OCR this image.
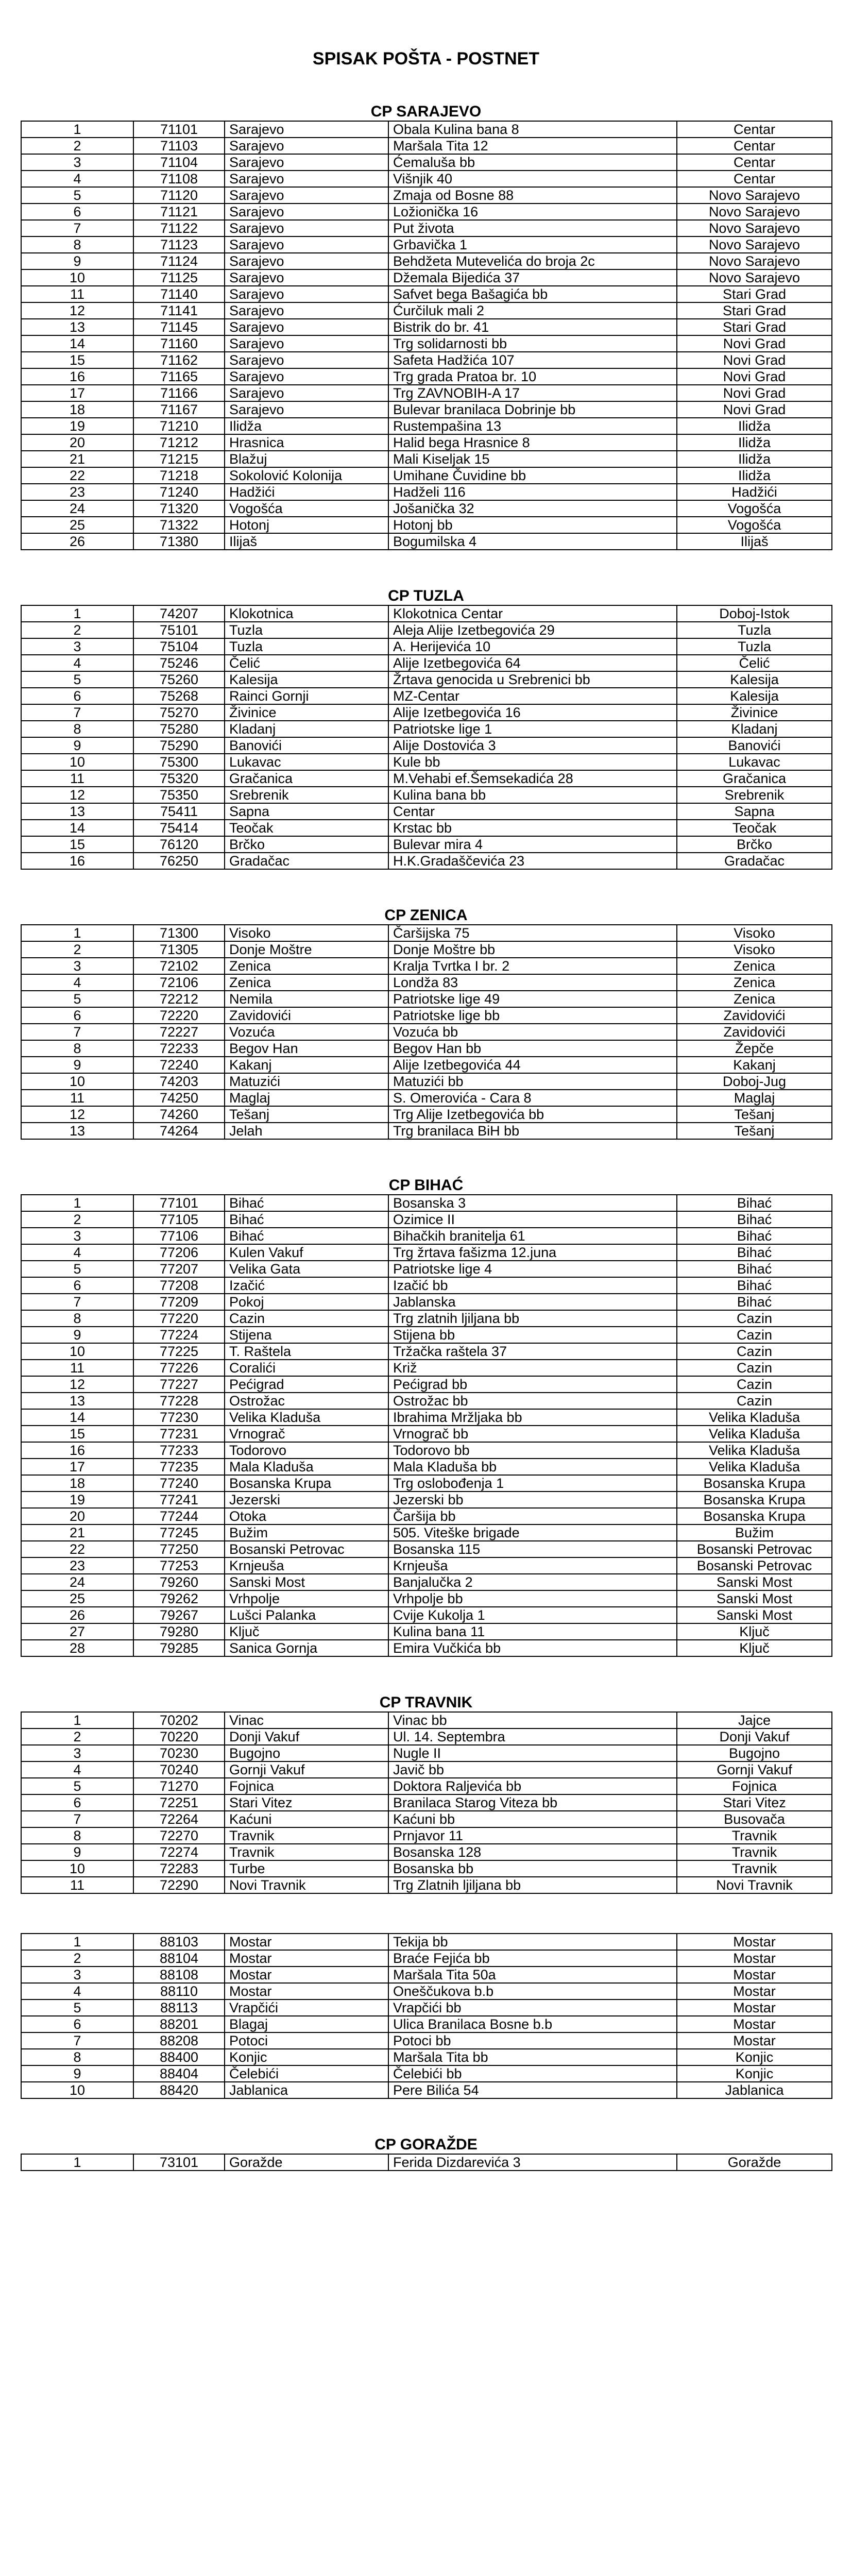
SPISAK POŠTA - POSTNET
CP SARAJEVO
1	71101	Sarajevo	Obala Kulina bana 8	Centar
2	71103	Sarajevo	Maršala Tita 12	Centar
3	71104	Sarajevo	Ćemaluša bb	Centar
4	71108	Sarajevo	Višnjik 40	Centar
5	71120	Sarajevo	Zmaja od Bosne 88	Novo Sarajevo
6	71121	Sarajevo	Ložionička 16	Novo Sarajevo
7	71122	Sarajevo	Put života	Novo Sarajevo
8	71123	Sarajevo	Grbavička 1	Novo Sarajevo
9	71124	Sarajevo	Behdžeta Mutevelića do broja 2c	Novo Sarajevo
10	71125	Sarajevo	Džemala Bijedića 37	Novo Sarajevo
11	71140	Sarajevo	Safvet bega Bašagića bb	Stari Grad
12	71141	Sarajevo	Ćurčiluk mali 2	Stari Grad
13	71145	Sarajevo	Bistrik do br. 41	Stari Grad
14	71160	Sarajevo	Trg solidarnosti bb	Novi Grad
15	71162	Sarajevo	Safeta Hadžića 107	Novi Grad
16	71165	Sarajevo	Trg grada Pratoa br. 10	Novi Grad
17	71166	Sarajevo	Trg ZAVNOBIH-A 17	Novi Grad
18	71167	Sarajevo	Bulevar branilaca Dobrinje bb	Novi Grad
19	71210	Ilidža	Rustempašina 13	Ilidža
20	71212	Hrasnica	Halid bega Hrasnice 8	Ilidža
21	71215	Blažuj	Mali Kiseljak 15	Ilidža
22	71218	Sokolović Kolonija	Umihane Čuvidine bb	Ilidža
23	71240	Hadžići	Hadželi 116	Hadžići
24	71320	Vogošća	Jošanička 32	Vogošća
25	71322	Hotonj	Hotonj bb	Vogošća
26	71380	Ilijaš	Bogumilska 4	Ilijaš
CP TUZLA
1	74207	Klokotnica	Klokotnica Centar	Doboj-Istok
2	75101	Tuzla	Aleja Alije Izetbegovića 29	Tuzla
3	75104	Tuzla	A. Herijevića 10	Tuzla
4	75246	Čelić	Alije Izetbegovića 64	Čelić
5	75260	Kalesija	Žrtava genocida u Srebrenici bb	Kalesija
6	75268	Rainci Gornji	MZ-Centar	Kalesija
7	75270	Živinice	Alije Izetbegovića 16	Živinice
8	75280	Kladanj	Patriotske lige 1	Kladanj
9	75290	Banovići	Alije Dostovića 3	Banovići
10	75300	Lukavac	Kule bb	Lukavac
11	75320	Gračanica	M.Vehabi ef.Šemsekadića 28	Gračanica
12	75350	Srebrenik	Kulina bana bb	Srebrenik
13	75411	Sapna	Centar	Sapna
14	75414	Teočak	Krstac bb	Teočak
15	76120	Brčko	Bulevar mira 4	Brčko
16	76250	Gradačac	H.K.Gradaščevića 23	Gradačac
CP ZENICA
1	71300	Visoko	Čaršijska 75	Visoko
2	71305	Donje Moštre	Donje Moštre bb	Visoko
3	72102	Zenica	Kralja Tvrtka I br. 2	Zenica
4	72106	Zenica	Londža 83	Zenica
5	72212	Nemila	Patriotske lige 49	Zenica
6	72220	Zavidovići	Patriotske lige bb	Zavidovići
7	72227	Vozuća	Vozuća bb	Zavidovići
8	72233	Begov Han	Begov Han bb	Žepče
9	72240	Kakanj	Alije Izetbegovića 44	Kakanj
10	74203	Matuzići	Matuzići bb	Doboj-Jug
11	74250	Maglaj	S. Omerovića - Cara 8	Maglaj
12	74260	Tešanj	Trg Alije Izetbegovića bb	Tešanj
13	74264	Jelah	Trg branilaca BiH bb	Tešanj
CP BIHAĆ
1	77101	Bihać	Bosanska 3	Bihać
2	77105	Bihać	Ozimice II	Bihać
3	77106	Bihać	Bihačkih branitelja 61	Bihać
4	77206	Kulen Vakuf	Trg žrtava fašizma 12.juna	Bihać
5	77207	Velika Gata	Patriotske lige 4	Bihać
6	77208	Izačić	Izačić bb	Bihać
7	77209	Pokoj	Jablanska	Bihać
8	77220	Cazin	Trg zlatnih ljiljana bb	Cazin
9	77224	Stijena	Stijena bb	Cazin
10	77225	T. Raštela	Tržačka raštela 37	Cazin
11	77226	Coralići	Križ	Cazin
12	77227	Pećigrad	Pećigrad bb	Cazin
13	77228	Ostrožac	Ostrožac bb	Cazin
14	77230	Velika Kladuša	Ibrahima Mržljaka bb	Velika Kladuša
15	77231	Vrnograč	Vrnograč bb	Velika Kladuša
16	77233	Todorovo	Todorovo bb	Velika Kladuša
17	77235	Mala Kladuša	Mala Kladuša bb	Velika Kladuša
18	77240	Bosanska Krupa	Trg oslobođenja 1	Bosanska Krupa
19	77241	Jezerski	Jezerski bb	Bosanska Krupa
20	77244	Otoka	Čaršija bb	Bosanska Krupa
21	77245	Bužim	505. Viteške brigade	Bužim
22	77250	Bosanski Petrovac	Bosanska 115	Bosanski Petrovac
23	77253	Krnjeuša	Krnjeuša	Bosanski Petrovac
24	79260	Sanski Most	Banjalučka 2	Sanski Most
25	79262	Vrhpolje	Vrhpolje bb	Sanski Most
26	79267	Lušci Palanka	Cvije Kukolja 1	Sanski Most
27	79280	Ključ	Kulina bana 11	Ključ
28	79285	Sanica Gornja	Emira Vučkića bb	Ključ
CP TRAVNIK
1	70202	Vinac	Vinac bb	Jajce
2	70220	Donji Vakuf	Ul. 14. Septembra	Donji Vakuf
3	70230	Bugojno	Nugle II	Bugojno
4	70240	Gornji Vakuf	Javič bb	Gornji Vakuf
5	71270	Fojnica	Doktora Raljevića bb	Fojnica
6	72251	Stari Vitez	Branilaca Starog Viteza bb	Stari Vitez
7	72264	Kaćuni	Kaćuni bb	Busovača
8	72270	Travnik	Prnjavor 11	Travnik
9	72274	Travnik	Bosanska 128	Travnik
10	72283	Turbe	Bosanska bb	Travnik
11	72290	Novi Travnik	Trg Zlatnih ljiljana bb	Novi Travnik
1	88103	Mostar	Tekija bb	Mostar
2	88104	Mostar	Braće Fejića bb	Mostar
3	88108	Mostar	Maršala Tita 50a	Mostar
4	88110	Mostar	Oneščukova b.b	Mostar
5	88113	Vrapčići	Vrapčići bb	Mostar
6	88201	Blagaj	Ulica Branilaca Bosne b.b	Mostar
7	88208	Potoci	Potoci bb	Mostar
8	88400	Konjic	Maršala Tita bb	Konjic
9	88404	Čelebići	Čelebići bb	Konjic
10	88420	Jablanica	Pere Bilića 54	Jablanica
CP GORAŽDE
1	73101	Goražde	Ferida Dizdarevića 3	Goražde
